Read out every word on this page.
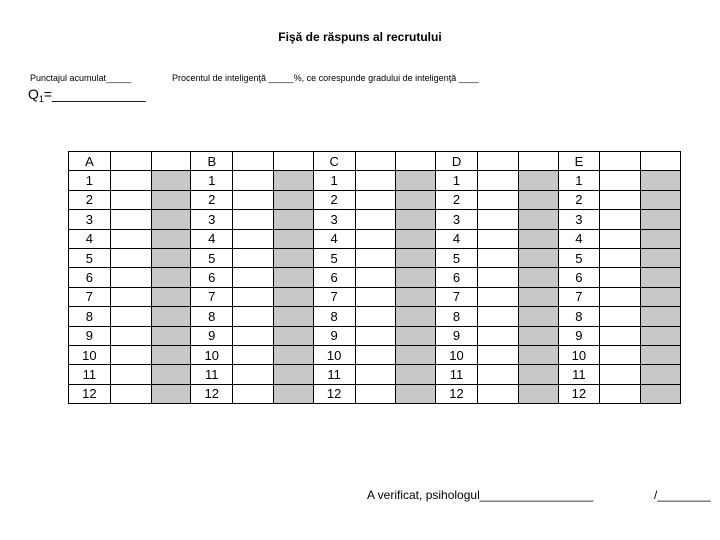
Fişă de răspuns al recrutului
Punctajul acumulat_____	Procentul de inteligenţă _____%, ce corespunde gradului de inteligenţă ____
$Q_1=\_\_\_\_\_\_\_\_\_\_\_\_$
A			B			C			D			E		
1			1			1			1			1		
2			2			2			2			2		
3			3			3			3			3		
4			4			4			4			4		
5			5			5			5			5		
6			6			6			6			6		
7			7			7			7			7		
8			8			8			8			8		
9			9			9			9			9		
10			10			10			10			10		
11			11			11			11			11		
12			12			12			12			12		
A verificat, psihologul_________________	/________
